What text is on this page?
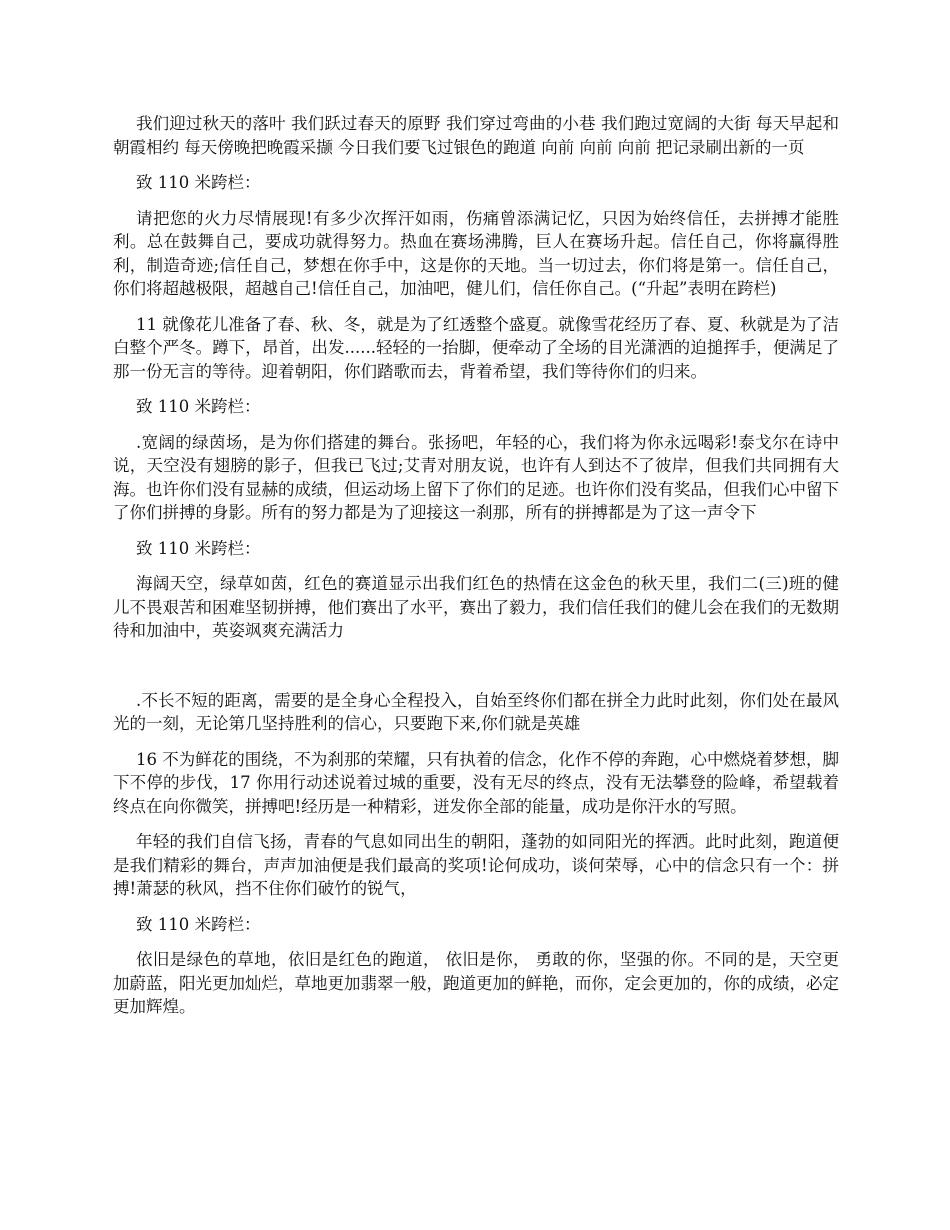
我们迎过秋天的落叶 我们跃过春天的原野 我们穿过弯曲的小巷 我们跑过宽阔的大街 每天早起和朝霞相约 每天傍晚把晚霞采撷 今日我们要飞过银色的跑道 向前 向前 向前 把记录刷出新的一页

致 110 米跨栏：

请把您的火力尽情展现!有多少次挥汗如雨，伤痛曾添满记忆，只因为始终信任，去拼搏才能胜利。总在鼓舞自己，要成功就得努力。热血在赛场沸腾，巨人在赛场升起。信任自己，你将赢得胜利，制造奇迹;信任自己，梦想在你手中，这是你的天地。当一切过去，你们将是第一。信任自己，你们将超越极限，超越自己!信任自己，加油吧，健儿们，信任你自己。(“升起”表明在跨栏)

11 就像花儿准备了春、秋、冬，就是为了红透整个盛夏。就像雪花经历了春、夏、秋就是为了洁白整个严冬。蹲下，昂首，出发......轻轻的一抬脚，便牵动了全场的目光潇洒的迫搥挥手，便满足了那一份无言的等待。迎着朝阳，你们踏歌而去，背着希望，我们等待你们的归来。

致 110 米跨栏：

.宽阔的绿茵场，是为你们搭建的舞台。张扬吧，年轻的心，我们将为你永远喝彩!泰戈尔在诗中说，天空没有翅膀的影子，但我已飞过;艾青对朋友说，也许有人到达不了彼岸，但我们共同拥有大海。也许你们没有显赫的成绩，但运动场上留下了你们的足迹。也许你们没有奖品，但我们心中留下了你们拼搏的身影。所有的努力都是为了迎接这一刹那，所有的拼搏都是为了这一声令下

致 110 米跨栏：

海阔天空，绿草如茵，红色的赛道显示出我们红色的热情在这金色的秋天里，我们二(三)班的健儿不畏艰苦和困难坚韧拼搏，他们赛出了水平，赛出了毅力，我们信任我们的健儿会在我们的无数期待和加油中，英姿飒爽充满活力

.不长不短的距离，需要的是全身心全程投入，自始至终你们都在拼全力此时此刻，你们处在最风光的一刻，无论第几坚持胜利的信心，只要跑下来,你们就是英雄

16 不为鲜花的围绕，不为刹那的荣耀，只有执着的信念，化作不停的奔跑，心中燃烧着梦想，脚下不停的步伐，17 你用行动述说着过城的重要，没有无尽的终点，没有无法攀登的险峰，希望载着终点在向你微笑，拼搏吧!经历是一种精彩，迸发你全部的能量，成功是你汗水的写照。

年轻的我们自信飞扬，青春的气息如同出生的朝阳，蓬勃的如同阳光的挥洒。此时此刻，跑道便是我们精彩的舞台，声声加油便是我们最高的奖项!论何成功，谈何荣辱，心中的信念只有一个：拼搏!萧瑟的秋风，挡不住你们破竹的锐气，

致 110 米跨栏：

依旧是绿色的草地，依旧是红色的跑道， 依旧是你， 勇敢的你，坚强的你。不同的是，天空更加蔚蓝，阳光更加灿烂，草地更加翡翠一般，跑道更加的鲜艳，而你，定会更加的，你的成绩，必定更加辉煌。
